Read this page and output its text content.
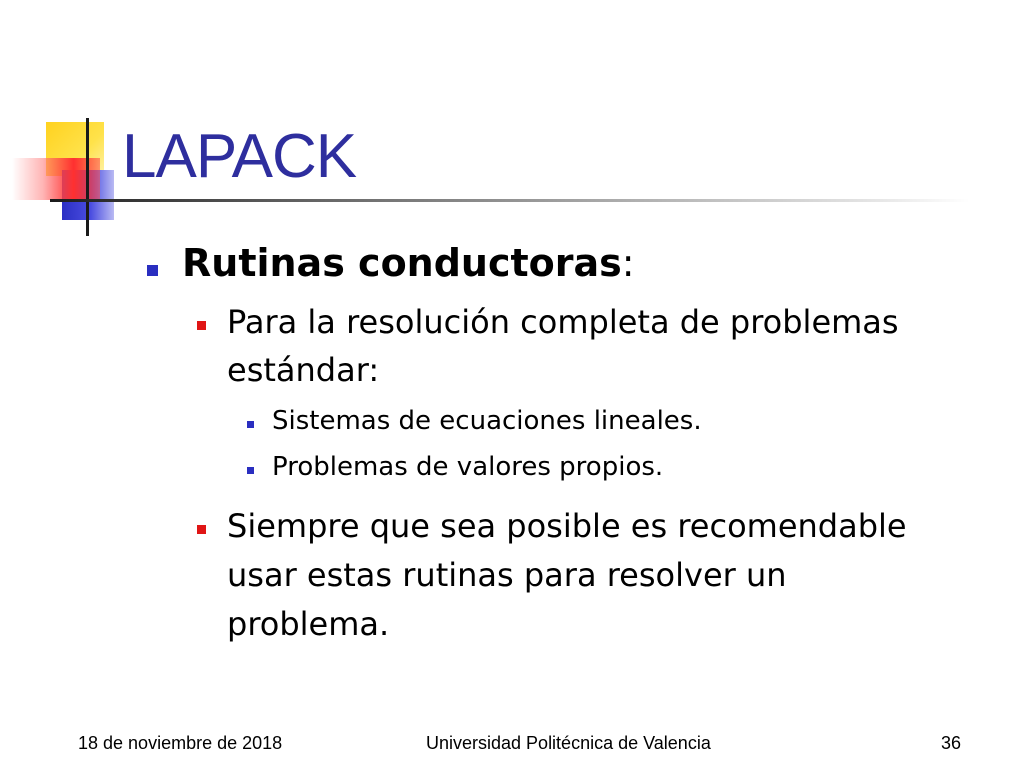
LAPACK

Rutinas conductoras:

Para la resolución completa de problemas

estándar:

Sistemas de ecuaciones lineales.

Problemas de valores propios.

Siempre que sea posible es recomendable

usar estas rutinas para resolver un

problema.

18 de noviembre de 2018	Universidad Politécnica de Valencia	36
